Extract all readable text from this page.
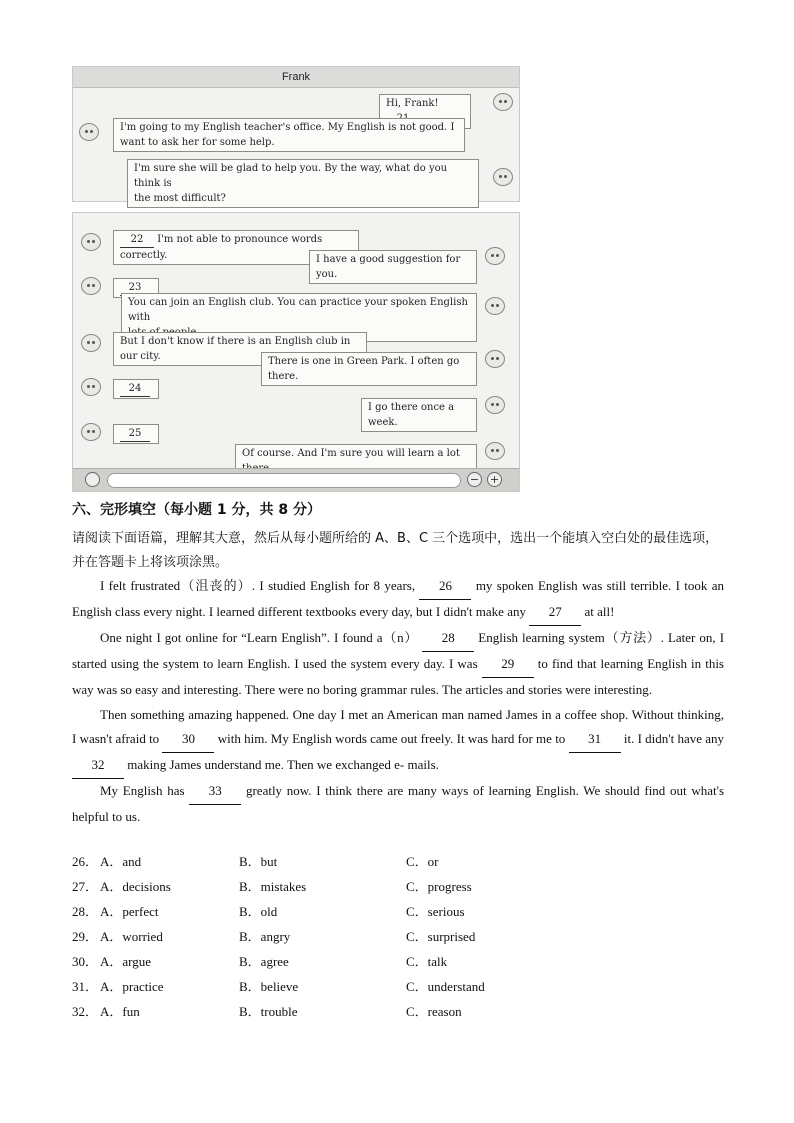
Frank
Hi, Frank!
I'm going to my English teacher's office. My English is not good. I
want to ask her for some help.
I'm sure she will be glad to help you. By the way, what do you think is
the most difficult?
22 I'm not able to pronounce words correctly.	I have a good suggestion for you.
23
You can join an English club. You can practice your spoken English with
But I don't know if there is an English club in our city.	There is one in Green Park. I often go there.
24
I go there once a week.
25
Of course. And I'm sure you will learn a lot
− +
六、完形填空（每小题 1 分，共 8 分）
请阅读下面语篇，理解其大意，然后从每小题所给的 A、B、C 三个选项中，选出一个能填入空白处的最佳选项，并在答题卡上将该项涂黑。

I felt frustrated（沮丧的）. I studied English for 8 years, 26 my spoken English was still terrible. I took an English class every night. I learned different textbooks every day, but I didn't make any 27 at all!

One night I got online for “Learn English”. I found a（n） 28 English learning system（方法）. Later on, I started using the system to learn English. I used the system every day. I was 29 to find that learning English in this way was so easy and interesting. There were no boring grammar rules. The articles and stories were interesting.

Then something amazing happened. One day I met an American man named James in a coffee shop. Without thinking, I wasn't afraid to 30 with him. My English words came out freely. It was hard for me to 31 it. I didn't have any 32 making James understand me. Then we exchanged e- mails.

My English has 33 greatly now. I think there are many ways of learning English. We should find out what's helpful to us.

26． A．and	B．but	C．or
27． A．decisions	B．mistakes	C．progress
28． A．perfect	B．old	C．serious
29． A．worried	B．angry	C．surprised
30． A．argue	B．agree	C．talk
31． A．practice	B．believe	C．understand
32． A．fun	B．trouble	C．reason
